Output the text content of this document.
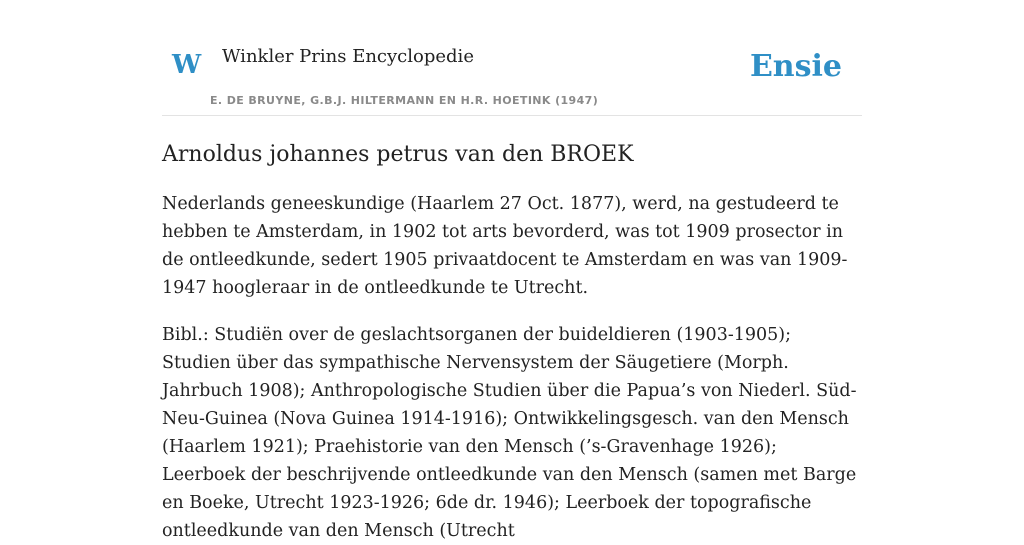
W Winkler Prins Encyclopedie
E. DE BRUYNE, G.B.J. HILTERMANN EN H.R. HOETINK (1947)
Ensie
Arnoldus johannes petrus van den BROEK

Nederlands geneeskundige (Haarlem 27 Oct. 1877), werd, na gestudeerd te hebben te Amsterdam, in 1902 tot arts bevorderd, was tot 1909 prosector in de ontleedkunde, sedert 1905 privaatdocent te Amsterdam en was van 1909-1947 hoogleraar in de ontleedkunde te Utrecht.

Bibl.: Studiën over de geslachtsorganen der buideldieren (1903-1905); Studien über das sympathische Nervensystem der Säugetiere (Morph. Jahrbuch 1908); Anthropologische Studien über die Papua’s von Niederl. Süd-Neu-Guinea (Nova Guinea 1914-1916); Ontwikkelingsgesch. van den Mensch (Haarlem 1921); Praehistorie van den Mensch (’s-Gravenhage 1926); Leerboek der beschrijvende ontleedkunde van den Mensch (samen met Barge en Boeke, Utrecht 1923-1926; 6de dr. 1946); Leerboek der topografische ontleedkunde van den Mensch (Utrecht
